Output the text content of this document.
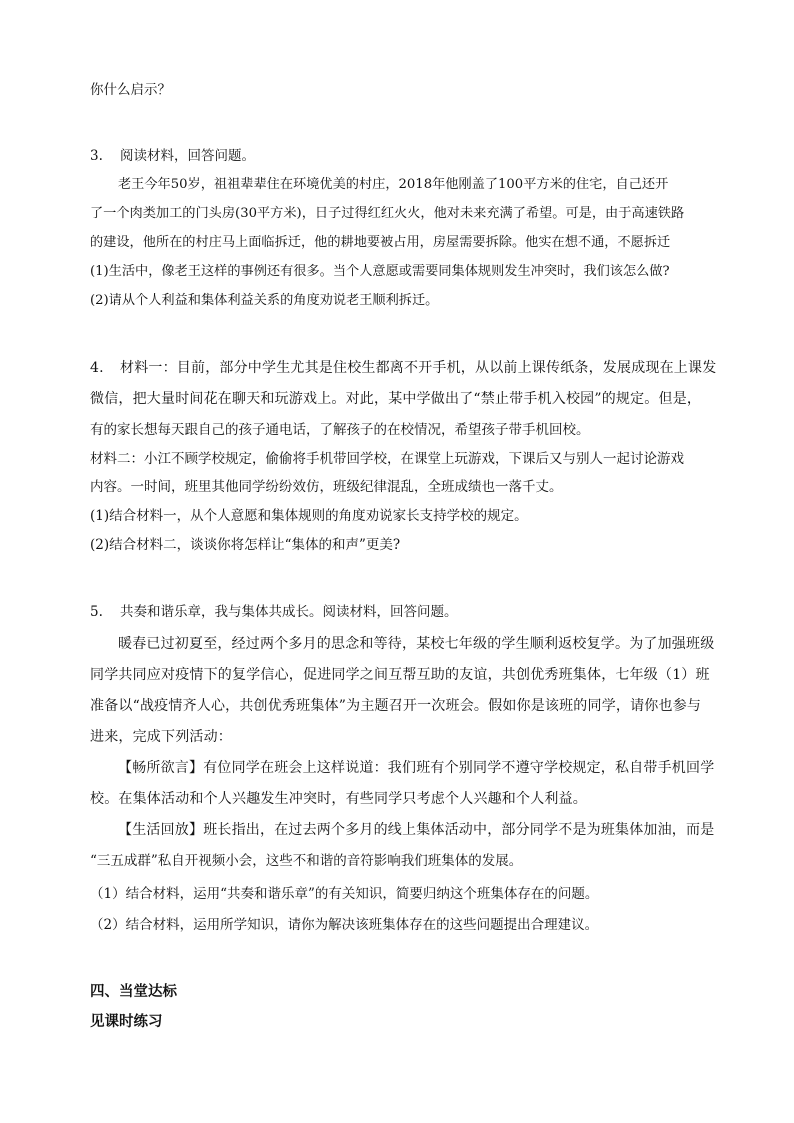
你什么启示？
3. 阅读材料，回答问题。
老王今年50岁，祖祖辈辈住在环境优美的村庄，2018年他刚盖了100平方米的住宅，自己还开
了一个肉类加工的门头房(30平方米)，日子过得红红火火，他对未来充满了希望。可是，由于高速铁路
的建设，他所在的村庄马上面临拆迁，他的耕地要被占用，房屋需要拆除。他实在想不通，不愿拆迁
(1)生活中，像老王这样的事例还有很多。当个人意愿或需要同集体规则发生冲突时，我们该怎么做?
(2)请从个人利益和集体利益关系的角度劝说老王顺利拆迁。
4. 材料一：目前，部分中学生尤其是住校生都离不开手机，从以前上课传纸条，发展成现在上课发
微信，把大量时间花在聊天和玩游戏上。对此，某中学做出了“禁止带手机入校园”的规定。但是，
有的家长想每天跟自己的孩子通电话，了解孩子的在校情况，希望孩子带手机回校。
材料二：小江不顾学校规定，偷偷将手机带回学校，在课堂上玩游戏，下课后又与别人一起讨论游戏
内容。一时间，班里其他同学纷纷效仿，班级纪律混乱，全班成绩也一落千丈。
(1)结合材料一，从个人意愿和集体规则的角度劝说家长支持学校的规定。
(2)结合材料二，谈谈你将怎样让“集体的和声”更美?
5. 共奏和谐乐章，我与集体共成长。阅读材料，回答问题。
暖春已过初夏至，经过两个多月的思念和等待，某校七年级的学生顺利返校复学。为了加强班级
同学共同应对疫情下的复学信心，促进同学之间互帮互助的友谊，共创优秀班集体，七年级（1）班
准备以“战疫情齐人心，共创优秀班集体”为主题召开一次班会。假如你是该班的同学，请你也参与
进来，完成下列活动：
【畅所欲言】有位同学在班会上这样说道：我们班有个别同学不遵守学校规定，私自带手机回学
校。在集体活动和个人兴趣发生冲突时，有些同学只考虑个人兴趣和个人利益。
【生活回放】班长指出，在过去两个多月的线上集体活动中，部分同学不是为班集体加油，而是
“三五成群”私自开视频小会，这些不和谐的音符影响我们班集体的发展。
（1）结合材料，运用“共奏和谐乐章”的有关知识，简要归纳这个班集体存在的问题。
（2）结合材料，运用所学知识，请你为解决该班集体存在的这些问题提出合理建议。
四、当堂达标
见课时练习
